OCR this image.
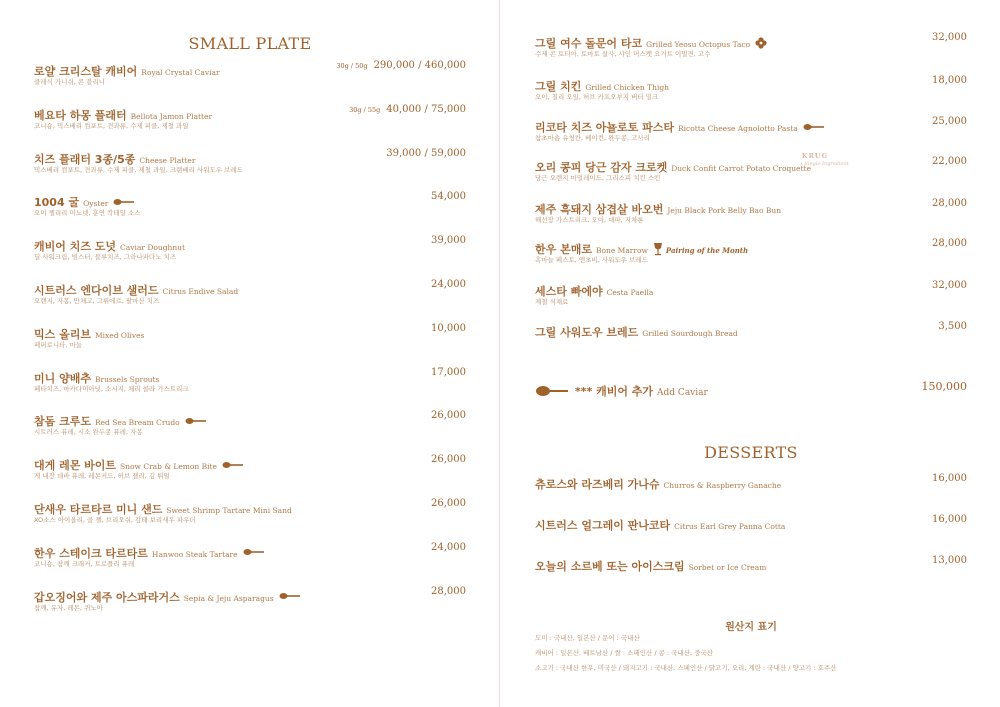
SMALL PLATE
로얄 크리스탈 캐비어 Royal Crystal Caviar
30g / 50g 290,000 / 460,000
클래식 가니쉬, 콘 블리니
베요타 하몽 플래터 Bellota Jamon Platter
30g / 55g 40,000 / 75,000
코니숑, 믹스베리 컴포트, 견과류, 수제 피클, 제철 과일
치즈 플래터 3종/5종 Cheese Platter
39,000 / 59,000
믹스베리 컴포트, 견과류, 수제 피클, 제철 과일, 크랜베리 사워도우 브레드
1004 굴 Oyster
54,000
오이 젤리리 미뇨넷, 훈연 칵테일 소스
캐비어 치즈 도넛 Caviar Doughnut
39,000
딜 사워크림, 빔스터, 블루치즈, 그라나파다노 치즈
시트러스 엔다이브 샐러드 Citrus Endive Salad
24,000
오렌지, 자몽, 만체고, 그뤼에르, 팔마산 치즈
믹스 올리브 Mixed Olives
10,000
페퍼로니타, 마늘
미니 양배추 Brussels Sprouts
17,000
페타치즈, 마카다미아넛, 소시지, 체리 콜라 가스트리크
참돔 크루도 Red Sea Bream Crudo
26,000
시트러스 퓨레, 시소 완두콩 퓨레, 자몽
대게 레몬 바이트 Snow Crab & Lemon Bite
26,000
게 내장 데바 퓨레, 레몬커드, 허브 젤리, 김 튀일
단새우 타르타르 미니 샌드 Sweet Shrimp Tartare Mini Sand
26,000
XO소스 아이올리, 골 젤, 브리오쉬, 감태 보리새우 파우더
한우 스테이크 타르타르 Hanwoo Steak Tartare
24,000
코니숑, 참깨 크래커, 트로플리 퓨레
갑오징어와 제주 아스파라거스 Sepia & Jeju Asparagus
28,000
참깨, 유자, 레몬, 퀴노아
그릴 여수 돌문어 타코 Grilled Yeosu Octopus Taco
32,000
수제 콘 토티아, 토마토 살사, 샤인 머스켓 요거트 이멀젼, 고수
그릴 치킨 Grilled Chicken Thigh
18,000
오이, 칠리 오일, 허브 카프오부지 버터 밀크
리코타 치즈 아뇰로토 파스타 Ricotta Cheese Agnolotto Pasta
25,000
참초마숍 유청칸, 베이컨, 완두콩, 고사리
오리 콩피 당근 감자 크로켓 Duck Confit Carrot Potato Croquette
KRUG
x Single Ingredient	22,000
당근 오렌지 마멀레이드, 그리스피 치킨 스킨
제주 흑돼지 삼겹살 바오번 Jeju Black Pork Belly Bao Bun
28,000
해선장 가스트리크, 오이, 대파, 지차론
한우 본매로 Bone Marrow	Pairing of the Month
28,000
흑마늘 페스토, 엔초비, 사워도우 브레드
세스타 빠에야 Cesta Paella
32,000
제철 식재료
그릴 사워도우 브레드 Grilled Sourdough Bread
3,500
*** 캐비어 추가 Add Caviar	150,000
DESSERTS
츄로스와 라즈베리 가나슈 Churros & Raspberry Ganache
16,000
시트러스 얼그레이 판나코타 Citrus Earl Grey Panna Cotta
16,000
오늘의 소르베 또는 아이스크림 Sorbet or Ice Cream
13,000
원산지 표기
도미 : 국내산, 일본산 / 문어 : 국내산
캐비어 : 일본산, 베트남산 / 쌀 : 스페인산 / 콩 : 국내산, 중국산
소고기 : 국내산 한우, 미국산 / 돼지고기 : 국내산, 스페인산 / 닭고기, 오리, 계란 : 국내산 / 양고기 : 호주산
